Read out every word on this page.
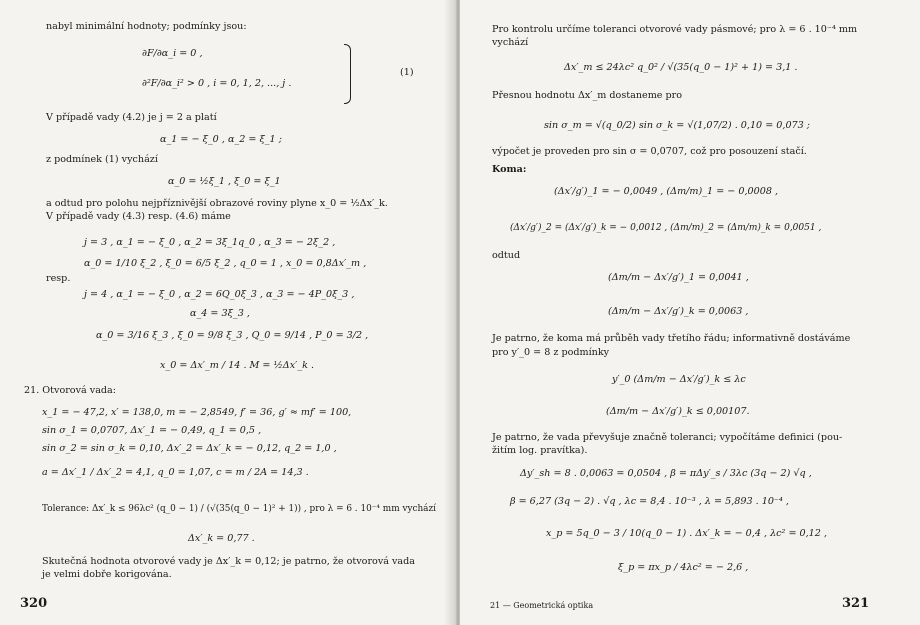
nabyl minimální hodnoty; podmínky jsou:
∂F/∂α_i = 0 ,
∂²F/∂α_i² > 0 , i = 0, 1, 2, ..., j .
(1)
V případě vady (4.2) je j = 2 a platí
α_1 = − ξ_0 , α_2 = ξ_1 ;
z podmínek (1) vychází
α_0 = ½ξ_1 , ξ_0 = ξ_1
a odtud pro polohu nejpříznivější obrazové roviny plyne x_0 = ½Δx′_k.
V případě vady (4.3) resp. (4.6) máme
j = 3 , α_1 = − ξ_0 , α_2 = 3ξ_1q_0 , α_3 = − 2ξ_2 ,
α_0 = 1/10 ξ_2 , ξ_0 = 6/5 ξ_2 , q_0 = 1 , x_0 = 0,8Δx′_m ,
resp.
j = 4 , α_1 = − ξ_0 , α_2 = 6Q_0ξ_3 , α_3 = − 4P_0ξ_3 ,
α_4 = 3ξ_3 ,
α_0 = 3/16 ξ_3 , ξ_0 = 9/8 ξ_3 , Q_0 = 9/14 , P_0 = 3/2 ,
x_0 = Δx′_m / 14 . M = ½Δx′_k .
21. Otvorová vada:
x_1 = − 47,2, x′ = 138,0, m = − 2,8549, f′ = 36, g′ ≈ mf′ = 100,
sin σ_1 = 0,0707, Δx′_1 = − 0,49, q_1 = 0,5 ,
sin σ_2 = sin σ_k = 0,10, Δx′_2 = Δx′_k = − 0,12, q_2 = 1,0 ,
a = Δx′_1 / Δx′_2 = 4,1, q_0 = 1,07, c = m / 2A = 14,3 .
Tolerance: Δx′_k ≤ 96λc² (q_0 − 1) / (√(35(q_0 − 1)² + 1)) , pro λ = 6 . 10⁻⁴ mm vychází
Δx′_k = 0,77 .
Skutečná hodnota otvorové vady je Δx′_k = 0,12; je patrno, že otvorová vada
je velmi dobře korigována.
320
Pro kontrolu určíme toleranci otvorové vady pásmové; pro λ = 6 . 10⁻⁴ mm
vychází
Δx′_m ≤ 24λc² q_0² / √(35(q_0 − 1)² + 1) = 3,1 .
Přesnou hodnotu Δx′_m dostaneme pro
sin σ_m = √(q_0/2) sin σ_k = √(1,07/2) . 0,10 = 0,073 ;
výpočet je proveden pro sin σ = 0,0707, což pro posouzení stačí.
Koma:
(Δx′/g′)_1 = − 0,0049 , (Δm/m)_1 = − 0,0008 ,
(Δx′/g′)_2 = (Δx′/g′)_k = − 0,0012 , (Δm/m)_2 = (Δm/m)_k = 0,0051 ,
odtud
(Δm/m − Δx′/g′)_1 = 0,0041 ,
(Δm/m − Δx′/g′)_k = 0,0063 ,
Je patrno, že koma má průběh vady třetího řádu; informativně dostáváme
pro y′_0 = 8 z podmínky
y′_0 (Δm/m − Δx′/g′)_k ≤ λc
(Δm/m − Δx′/g′)_k ≤ 0,00107.
Je patrno, že vada převyšuje značně toleranci; vypočítáme definici (pou-
žitím log. pravítka).
Δy′_sh = 8 . 0,0063 = 0,0504 , β = πΔy′_s / 3λc (3q − 2) √q ,
β = 6,27 (3q − 2) . √q , λc = 8,4 . 10⁻³ , λ = 5,893 . 10⁻⁴ ,
x_p = 5q_0 − 3 / 10(q_0 − 1) . Δx′_k = − 0,4 , λc² = 0,12 ,
ξ_p = πx_p / 4λc² = − 2,6 ,
21 — Geometrická optika	321
